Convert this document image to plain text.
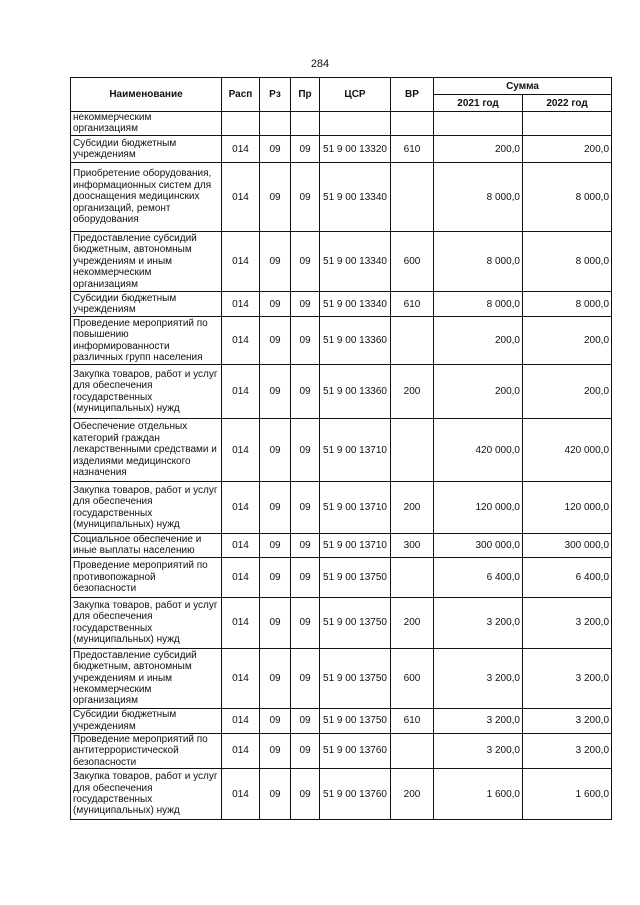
284
Наименование	Расп	Рз	Пр	ЦСР	ВР	Сумма	
						2021 год	2022 год
некоммерческим организациям							
Субсидии бюджетным учреждениям	014	09	09	51 9 00 13320	610	200,0	200,0
Приобретение оборудования, информационных систем для дооснащения медицинских организаций, ремонт оборудования	014	09	09	51 9 00 13340		8 000,0	8 000,0
Предоставление субсидий бюджетным, автономным учреждениям и иным некоммерческим организациям	014	09	09	51 9 00 13340	600	8 000,0	8 000,0
Субсидии бюджетным учреждениям	014	09	09	51 9 00 13340	610	8 000,0	8 000,0
Проведение мероприятий по повышению информированности различных групп населения	014	09	09	51 9 00 13360		200,0	200,0
Закупка товаров, работ и услуг для обеспечения государственных (муниципальных) нужд	014	09	09	51 9 00 13360	200	200,0	200,0
Обеспечение отдельных категорий граждан лекарственными средствами и изделиями медицинского назначения	014	09	09	51 9 00 13710		420 000,0	420 000,0
Закупка товаров, работ и услуг для обеспечения государственных (муниципальных) нужд	014	09	09	51 9 00 13710	200	120 000,0	120 000,0
Социальное обеспечение и иные выплаты населению	014	09	09	51 9 00 13710	300	300 000,0	300 000,0
Проведение мероприятий по противопожарной безопасности	014	09	09	51 9 00 13750		6 400,0	6 400,0
Закупка товаров, работ и услуг для обеспечения государственных (муниципальных) нужд	014	09	09	51 9 00 13750	200	3 200,0	3 200,0
Предоставление субсидий бюджетным, автономным учреждениям и иным некоммерческим организациям	014	09	09	51 9 00 13750	600	3 200,0	3 200,0
Субсидии бюджетным учреждениям	014	09	09	51 9 00 13750	610	3 200,0	3 200,0
Проведение мероприятий по антитеррористической безопасности	014	09	09	51 9 00 13760		3 200,0	3 200,0
Закупка товаров, работ и услуг для обеспечения государственных (муниципальных) нужд	014	09	09	51 9 00 13760	200	1 600,0	1 600,0
